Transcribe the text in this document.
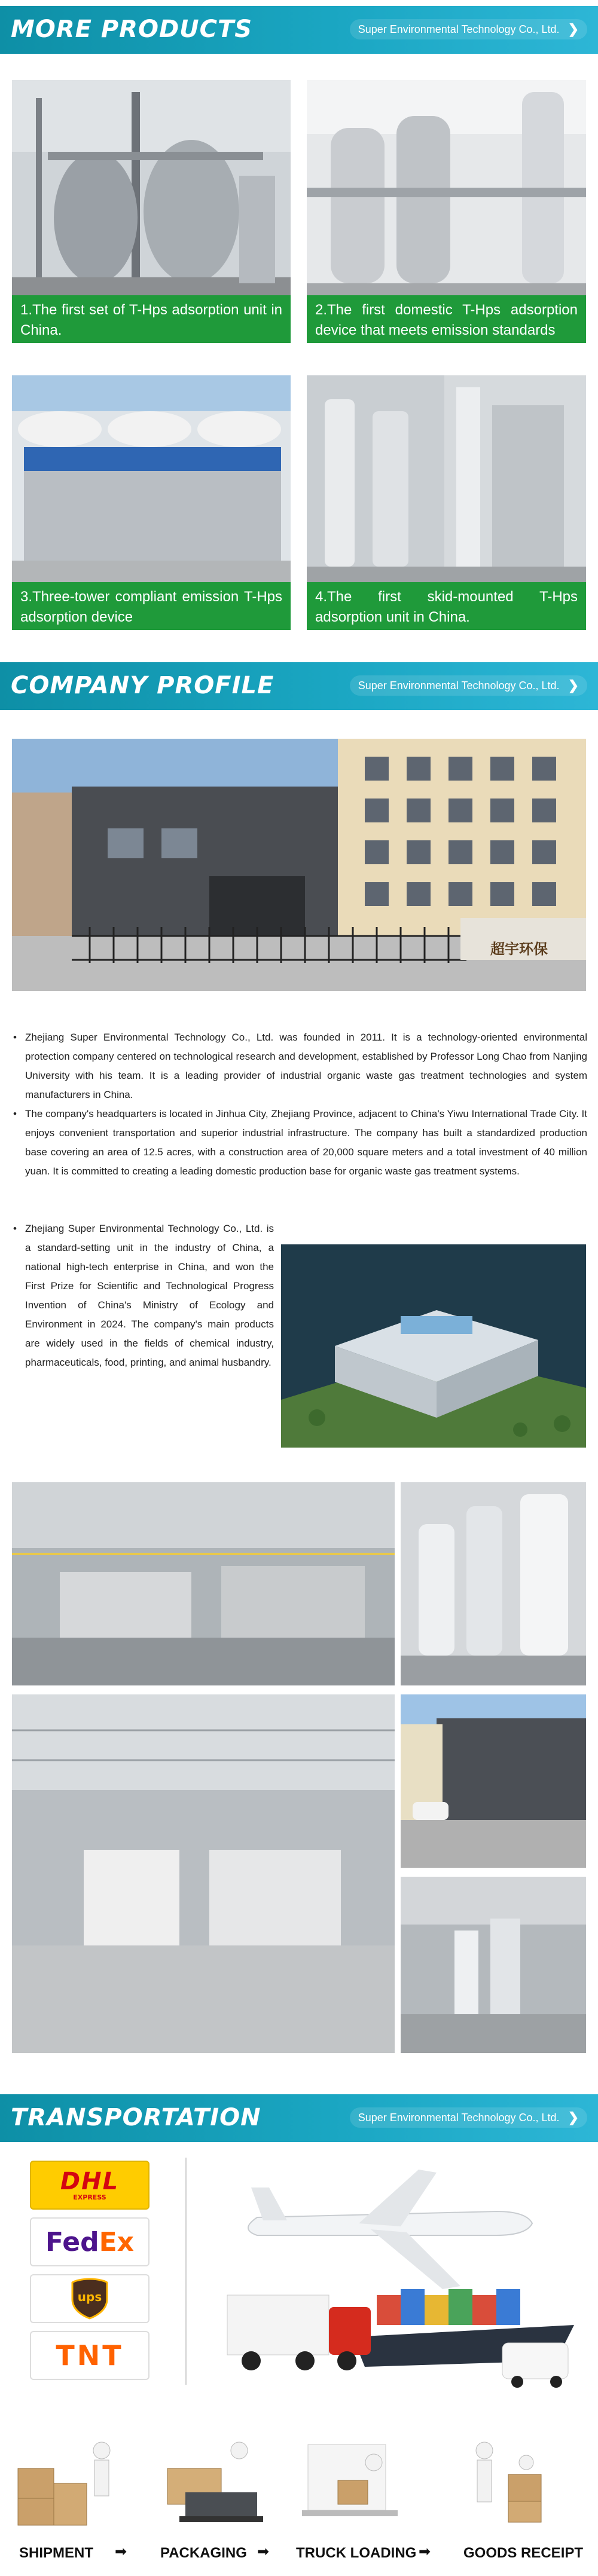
MORE PRODUCTS	Super Environmental Technology Co., Ltd. ❯
1.The first set of T-Hps adsorption unit in China.
2.The first domestic T-Hps adsorption device that meets emission standards
3.Three-tower compliant emission T-Hps adsorption device
4.The first skid-mounted T-Hps adsorption unit in China.
COMPANY PROFILE	Super Environmental Technology Co., Ltd. ❯
超宇环保
• Zhejiang Super Environmental Technology Co., Ltd. was founded in 2011. It is a technology-oriented environmental protection company centered on technological research and development, established by Professor Long Chao from Nanjing University with his team. It is a leading provider of industrial organic waste gas treatment technologies and system manufacturers in China.
• The company's headquarters is located in Jinhua City, Zhejiang Province, adjacent to China's Yiwu International Trade City. It enjoys convenient transportation and superior industrial infrastructure. The company has built a standardized production base covering an area of 12.5 acres, with a construction area of 20,000 square meters and a total investment of 40 million yuan. It is committed to creating a leading domestic production base for organic waste gas treatment systems.
• Zhejiang Super Environmental Technology Co., Ltd. is a standard-setting unit in the industry of China, a national high-tech enterprise in China, and won the First Prize for Scientific and Technological Progress Invention of China's Ministry of Ecology and Environment in 2024. The company's main products are widely used in the fields of chemical industry, pharmaceuticals, food, printing, and animal husbandry.
TRANSPORTATION	Super Environmental Technology Co., Ltd. ❯
DHL
EXPRESS
Fed Ex
ups
TNT
SHIPMENT ➡ PACKAGING ➡ TRUCK LOADING ➡ GOODS RECEIPT
